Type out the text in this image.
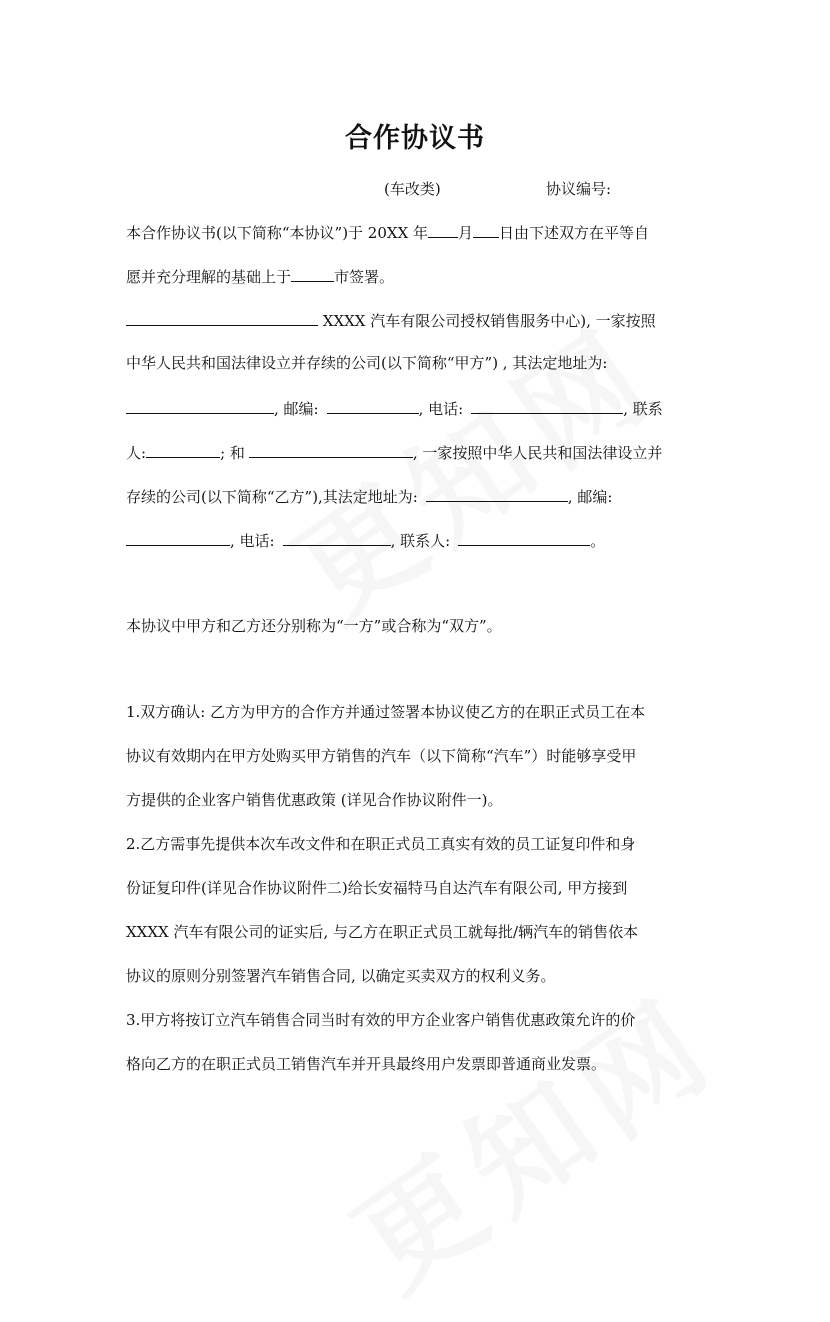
合作协议书
(车改类)	协议编号:
本合作协议书(以下简称“本协议”)于 20XX 年 月 日由下述双方在平等自
愿并充分理解的基础上于	市签署。
XXXX 汽车有限公司授权销售服务中心), 一家按照
中华人民共和国法律设立并存续的公司(以下简称“甲方”) , 其法定地址为:
, 邮编:	, 电话:	, 联系
人:	; 和	, 一家按照中华人民共和国法律设立并
存续的公司(以下简称“乙方”),其法定地址为:	, 邮编:
, 电话:	, 联系人:	。
本协议中甲方和乙方还分别称为“一方”或合称为“双方”。
1.双方确认: 乙方为甲方的合作方并通过签署本协议使乙方的在职正式员工在本
协议有效期内在甲方处购买甲方销售的汽车（以下简称“汽车”）时能够享受甲
方提供的企业客户销售优惠政策 (详见合作协议附件一)。
2.乙方需事先提供本次车改文件和在职正式员工真实有效的员工证复印件和身
份证复印件(详见合作协议附件二)给长安福特马自达汽车有限公司, 甲方接到
XXXX 汽车有限公司的证实后, 与乙方在职正式员工就每批/辆汽车的销售依本
协议的原则分别签署汽车销售合同, 以确定买卖双方的权利义务。
3.甲方将按订立汽车销售合同当时有效的甲方企业客户销售优惠政策允许的价
格向乙方的在职正式员工销售汽车并开具最终用户发票即普通商业发票。
